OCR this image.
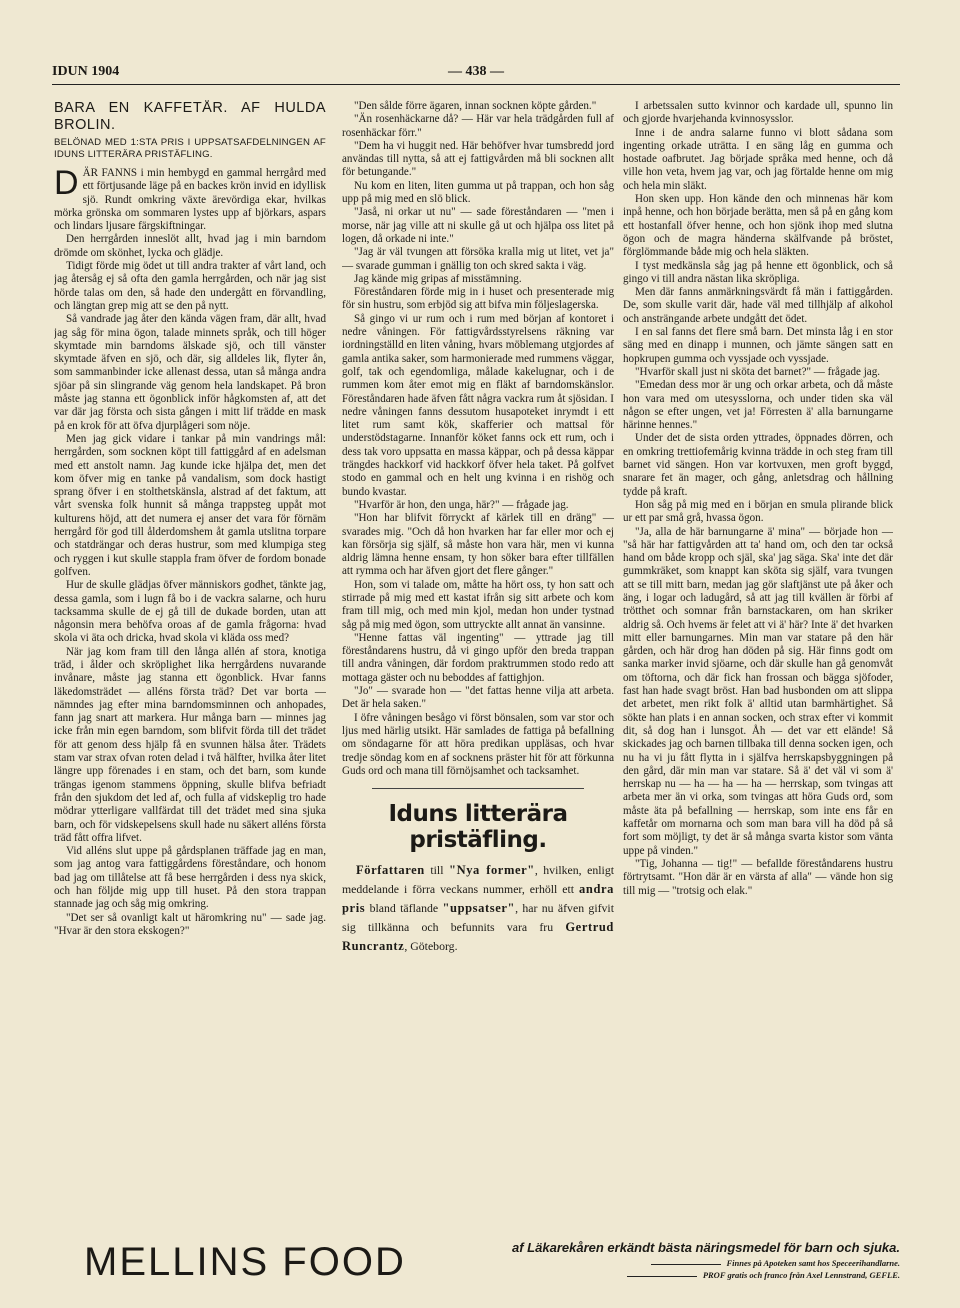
IDUN 1904	— 438 —
BARA EN KAFFETÅR. AF HULDA BROLIN.
BELÖNAD MED 1:STA PRIS I UPPSATSAFDELNINGEN AF IDUNS LITTERÄRA PRISTÄFLING.

DÄR FANNS i min hembygd en gammal herrgård med ett förtjusande läge på en backes krön invid en idyllisk sjö. Rundt omkring växte ärevördiga ekar, hvilkas mörka grönska om sommaren lystes upp af björkars, aspars och lindars ljusare färgskiftningar.

Den herrgården inneslöt allt, hvad jag i min barndom drömde om skönhet, lycka och glädje.

Tidigt förde mig ödet ut till andra trakter af vårt land, och jag återsåg ej så ofta den gamla herrgården, och när jag sist hörde talas om den, så hade den undergått en förvandling, och längtan grep mig att se den på nytt.

Så vandrade jag åter den kända vägen fram, där allt, hvad jag såg för mina ögon, talade minnets språk, och till höger skymtade min barndoms älskade sjö, och till vänster skymtade äfven en sjö, och där, sig alldeles lik, flyter ån, som sammanbinder icke allenast dessa, utan så många andra sjöar på sin slingrande väg genom hela landskapet. På bron måste jag stanna ett ögonblick inför hågkomsten af, att det var där jag första och sista gången i mitt lif trädde en mask på en krok för att öfva djurplågeri som nöje.

Men jag gick vidare i tankar på min vandrings mål: herrgården, som socknen köpt till fattiggård af en adelsman med ett anstolt namn. Jag kunde icke hjälpa det, men det kom öfver mig en tanke på vandalism, som dock hastigt sprang öfver i en stolthetskänsla, alstrad af det faktum, att vårt svenska folk hunnit så många trappsteg uppåt mot kulturens höjd, att det numera ej anser det vara för förnäm herrgård för god till ålderdomshem åt gamla utslitna torpare och statdrängar och deras hustrur, som med klumpiga steg och ryggen i kut skulle stappla fram öfver de fordom bonade golfven.

Hur de skulle glädjas öfver människors godhet, tänkte jag, dessa gamla, som i lugn få bo i de vackra salarne, och huru tacksamma skulle de ej gå till de dukade borden, utan att någonsin mera behöfva oroas af de gamla frågorna: hvad skola vi äta och dricka, hvad skola vi kläda oss med?

När jag kom fram till den långa allén af stora, knotiga träd, i ålder och skröplighet lika herrgårdens nuvarande invånare, måste jag stanna ett ögonblick. Hvar fanns läkedomsträdet — alléns första träd? Det var borta — nämndes jag efter mina barndomsminnen och anhopades, fann jag snart att markera. Hur många barn — minnes jag icke från min egen barndom, som blifvit förda till det trädet för att genom dess hjälp få en svunnen hälsa åter. Trädets stam var strax ofvan roten delad i två hälfter, hvilka åter litet längre upp förenades i en stam, och det barn, som kunde trängas igenom stammens öppning, skulle blifva befriadt från den sjukdom det led af, och fulla af vidskeplig tro hade mödrar ytterligare vallfärdat till det trädet med sina sjuka barn, och för vidskepelsens skull hade nu säkert alléns första träd fått offra lifvet.

Vid alléns slut uppe på gårdsplanen träffade jag en man, som jag antog vara fattiggårdens föreståndare, och honom bad jag om tillåtelse att få bese herrgården i dess nya skick, och han följde mig upp till huset. På den stora trappan stannade jag och såg mig omkring.

"Det ser så ovanligt kalt ut häromkring nu" — sade jag. "Hvar är den stora ekskogen?"

"Den sålde förre ägaren, innan socknen köpte gården."

"Än rosenhäckarne då? — Här var hela trädgården full af rosenhäckar förr."

"Dem ha vi huggit ned. Här behöfver hvar tumsbredd jord användas till nytta, så att ej fattigvården må bli socknen allt för betungande."

Nu kom en liten, liten gumma ut på trappan, och hon såg upp på mig med en slö blick.

"Jaså, ni orkar ut nu" — sade föreståndaren — "men i morse, när jag ville att ni skulle gå ut och hjälpa oss litet på logen, då orkade ni inte."

"Jag är väl tvungen att försöka kralla mig ut litet, vet ja" — svarade gumman i gnällig ton och skred sakta i väg.

Jag kände mig gripas af misstämning.

Föreståndaren förde mig in i huset och presenterade mig för sin hustru, som erbjöd sig att bifva min följeslagerska.

Så gingo vi ur rum och i rum med början af kontoret i nedre våningen. För fattigvårdsstyrelsens räkning var iordningställd en liten våning, hvars möblemang utgjordes af gamla antika saker, som harmonierade med rummens väggar, golf, tak och egendomliga, målade kakelugnar, och i de rummen kom åter emot mig en fläkt af barndomskänslor. Föreståndaren hade äfven fått några vackra rum åt sjösidan. I nedre våningen fanns dessutom husapoteket inrymdt i ett litet rum samt kök, skafferier och mattsal för understödstagarne. Innanför köket fanns ock ett rum, och i dess tak voro uppsatta en massa käppar, och på dessa käppar trängdes hackkorf vid hackkorf öfver hela taket. På golfvet stodo en gammal och en helt ung kvinna i en rishög och bundo kvastar.

"Hvarför är hon, den unga, här?" — frågade jag.

"Hon har blifvit förryckt af kärlek till en dräng" — svarades mig. "Och då hon hvarken har far eller mor och ej kan försörja sig själf, så måste hon vara här, men vi kunna aldrig lämna henne ensam, ty hon söker bara efter tillfällen att rymma och har äfven gjort det flere gånger."

Hon, som vi talade om, måtte ha hört oss, ty hon satt och stirrade på mig med ett kastat ifrån sig sitt arbete och kom fram till mig, och med min kjol, medan hon under tystnad såg på mig med ögon, som uttryckte allt annat än vansinne.

"Henne fattas väl ingenting" — yttrade jag till föreståndarens hustru, då vi gingo upför den breda trappan till andra våningen, där fordom praktrummen stodo redo att mottaga gäster och nu beboddes af fattighjon.

"Jo" — svarade hon — "det fattas henne vilja att arbeta. Det är hela saken."

I öfre våningen besågo vi först bönsalen, som var stor och ljus med härlig utsikt. Här samlades de fattiga på befallning om söndagarne för att höra predikan uppläsas, och hvar tredje söndag kom en af socknens präster hit för att förkunna Guds ord och mana till förnöjsamhet och tacksamhet.

Iduns litterära pristäfling.
Författaren till "Nya former", hvilken, enligt meddelande i förra veckans nummer, erhöll ett andra pris bland täflande "uppsatser", har nu äfven gifvit sig tillkänna och befunnits vara fru Gertrud Runcrantz, Göteborg.

I arbetssalen sutto kvinnor och kardade ull, spunno lin och gjorde hvarjehanda kvinnosysslor.

Inne i de andra salarne funno vi blott sådana som ingenting orkade uträtta. I en säng låg en gumma och hostade oafbrutet. Jag började språka med henne, och då ville hon veta, hvem jag var, och jag förtalde henne om mig och hela min släkt.

Hon sken upp. Hon kände den och minnenas här kom inpå henne, och hon började berätta, men så på en gång kom ett hostanfall öfver henne, och hon sjönk ihop med slutna ögon och de magra händerna skälfvande på bröstet, förglömmande både mig och hela släkten.

I tyst medkänsla såg jag på henne ett ögonblick, och så gingo vi till andra nästan lika skröpliga.

Men där fanns anmärkningsvärdt få män i fattiggården. De, som skulle varit där, hade väl med tillhjälp af alkohol och ansträngande arbete undgått det ödet.

I en sal fanns det flere små barn. Det minsta låg i en stor säng med en dinapp i munnen, och jämte sängen satt en hopkrupen gumma och vyssjade och vyssjade.

"Hvarför skall just ni sköta det barnet?" — frågade jag.

"Emedan dess mor är ung och orkar arbeta, och då måste hon vara med om utesysslorna, och under tiden ska väl någon se efter ungen, vet ja! Förresten ä' alla barnungarne härinne hennes."

Under det de sista orden yttrades, öppnades dörren, och en omkring trettiofemårig kvinna trädde in och steg fram till barnet vid sängen. Hon var kortvuxen, men groft byggd, snarare fet än mager, och gång, anletsdrag och hållning tydde på kraft.

Hon såg på mig med en i början en smula plirande blick ur ett par små grå, hvassa ögon.

"Ja, alla de här barnungarne ä' mina" — började hon — "så här har fattigvården att ta' hand om, och den tar också hand om både kropp och själ, ska' jag säga. Ska' inte det där gummkräket, som knappt kan sköta sig själf, vara tvungen att se till mitt barn, medan jag gör slaftjänst ute på åker och äng, i logar och ladugård, så att jag till kvällen är förbi af trötthet och somnar från barnstackaren, om han skriker aldrig så. Och hvems är felet att vi ä' här? Inte ä' det hvarken mitt eller barnungarnes. Min man var statare på den här gården, och här drog han döden på sig. Här finns godt om sanka marker invid sjöarne, och där skulle han gå genomvåt om töftorna, och där fick han frossan och bägga sjöfoder, fast han hade svagt bröst. Han bad husbonden om att slippa det arbetet, men rikt folk ä' alltid utan barmhärtighet. Så sökte han plats i en annan socken, och strax efter vi kommit dit, så dog han i lunsgot. Åh — det var ett elände! Så skickades jag och barnen tillbaka till denna socken igen, och nu ha vi ju fått flytta in i själfva herrskapsbyggningen på den gård, där min man var statare. Så ä' det väl vi som ä' herrskap nu — ha — ha — ha — herrskap, som tvingas att arbeta mer än vi orka, som tvingas att höra Guds ord, som måste äta på befallning — herrskap, som inte ens får en kaffetår om mornarna och som man bara vill ha död på så fort som möjligt, ty det är så många svarta kistor som vänta uppe på vinden."

"Tig, Johanna — tig!" — befallde föreståndarens hustru förtrytsamt. "Hon där är en värsta af alla" — vände hon sig till mig — "trotsig och elak."

MELLINS FOOD	af Läkarekåren erkändt bästa näringsmedel för barn och sjuka.
Finnes på Apoteken samt hos Speceerihandlarne.
PROF gratis och franco från Axel Lennstrand, GEFLE.
